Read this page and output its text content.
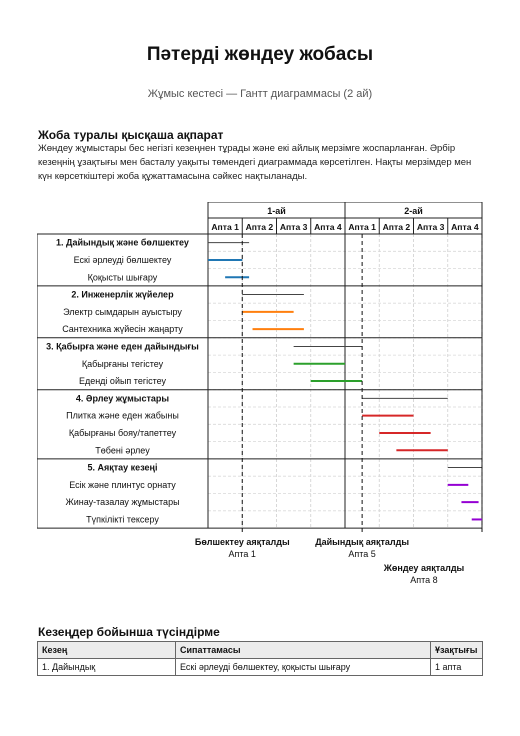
Пәтерді жөндеу жобасы
Жұмыс кестесі — Гантт диаграммасы (2 ай)
Жоба туралы қысқаша ақпарат
Жөндеу жұмыстары бес негізгі кезеңнен тұрады және екі айлық мерзімге жоспарланған. Әрбір кезеңнің ұзақтығы мен басталу уақыты төмендегі диаграммада көрсетілген. Нақты мерзімдер мен күн көрсеткіштері жоба құжаттамасына сәйкес нақтыланады.
1-ай	2-ай
Апта 1 Апта 2 Апта 3 Апта 4 Апта 1 Апта 2 Апта 3 Апта 4
1. Дайындық және бөлшектеу
Ескі әрлеуді бөлшектеу
Қоқысты шығару
2. Инженерлік жүйелер
Электр сымдарын ауыстыру
Сантехника жүйесін жаңарту
3. Қабырға және еден дайындығы
Қабырғаны тегістеу
Еденді ойып тегістеу
4. Әрлеу жұмыстары
Плитка және еден жабыны
Қабырғаны бояу/тапеттеу
Төбені әрлеу
5. Аяқтау кезеңі
Есік және плинтус орнату
Жинау-тазалау жұмыстары
Түпкілікті тексеру
Бөлшектеу аяқталды
Апта 1
Дайындық аяқталды
Апта 5
Жөндеу аяқталды
Апта 8
Кезеңдер бойынша түсіндірме
Кезең	Сипаттамасы	Ұзақтығы
1. Дайындық	Ескі әрлеуді бөлшектеу, қоқысты шығару	1 апта
